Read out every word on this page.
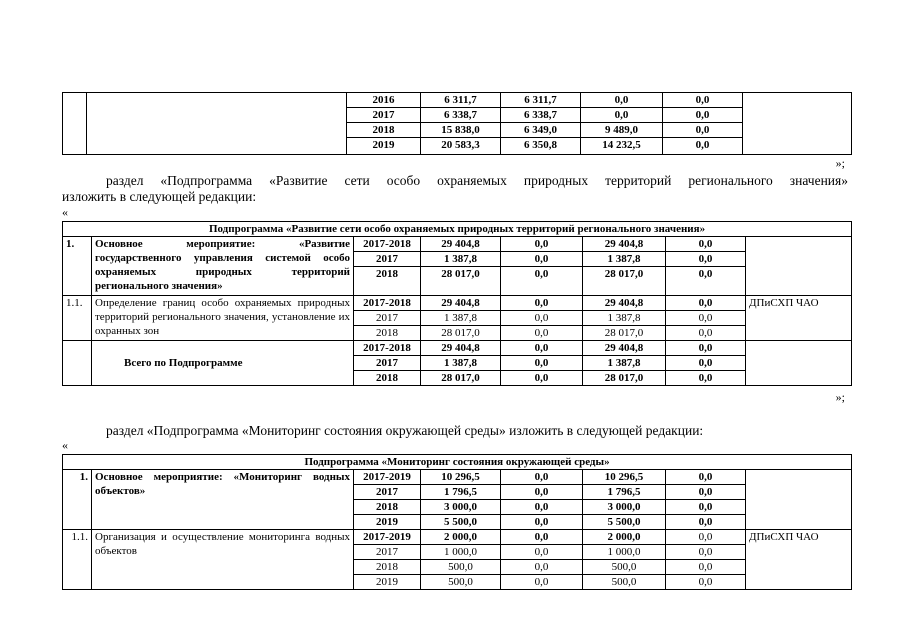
		2016	6 311,7	6 311,7	0,0	0,0	
		2017	6 338,7	6 338,7	0,0	0,0	
		2018	15 838,0	6 349,0	9 489,0	0,0	
		2019	20 583,3	6 350,8	14 232,5	0,0	
»;
раздел «Подпрограмма «Развитие сети особо охраняемых природных территорий регионального значения»
изложить в следующей редакции:
«
Подпрограмма «Развитие сети особо охраняемых природных территорий регионального значения»							
1.	Основное мероприятие: «Развитие государственного управления системой особо охраняемых природных территорий регионального значения»	2017-2018	29 404,8	0,0	29 404,8	0,0	
		2017	1 387,8	0,0	1 387,8	0,0	
		2018	28 017,0	0,0	28 017,0	0,0	
1.1.	Определение границ особо охраняемых природных территорий регионального значения, установление их охранных зон	2017-2018	29 404,8	0,0	29 404,8	0,0	ДПиСХП ЧАО
		2017	1 387,8	0,0	1 387,8	0,0	
		2018	28 017,0	0,0	28 017,0	0,0	
	Всего по Подпрограмме	2017-2018	29 404,8	0,0	29 404,8	0,0	
		2017	1 387,8	0,0	1 387,8	0,0	
		2018	28 017,0	0,0	28 017,0	0,0	
»;
раздел «Подпрограмма «Мониторинг состояния окружающей среды» изложить в следующей редакции:
«
Подпрограмма «Мониторинг состояния окружающей среды»							
1.	Основное мероприятие: «Мониторинг водных объектов»	2017-2019	10 296,5	0,0	10 296,5	0,0	
		2017	1 796,5	0,0	1 796,5	0,0	
		2018	3 000,0	0,0	3 000,0	0,0	
		2019	5 500,0	0,0	5 500,0	0,0	
1.1.	Организация и осуществление мониторинга водных объектов	2017-2019	2 000,0	0,0	2 000,0	0,0	ДПиСХП ЧАО
		2017	1 000,0	0,0	1 000,0	0,0	
		2018	500,0	0,0	500,0	0,0	
		2019	500,0	0,0	500,0	0,0	
